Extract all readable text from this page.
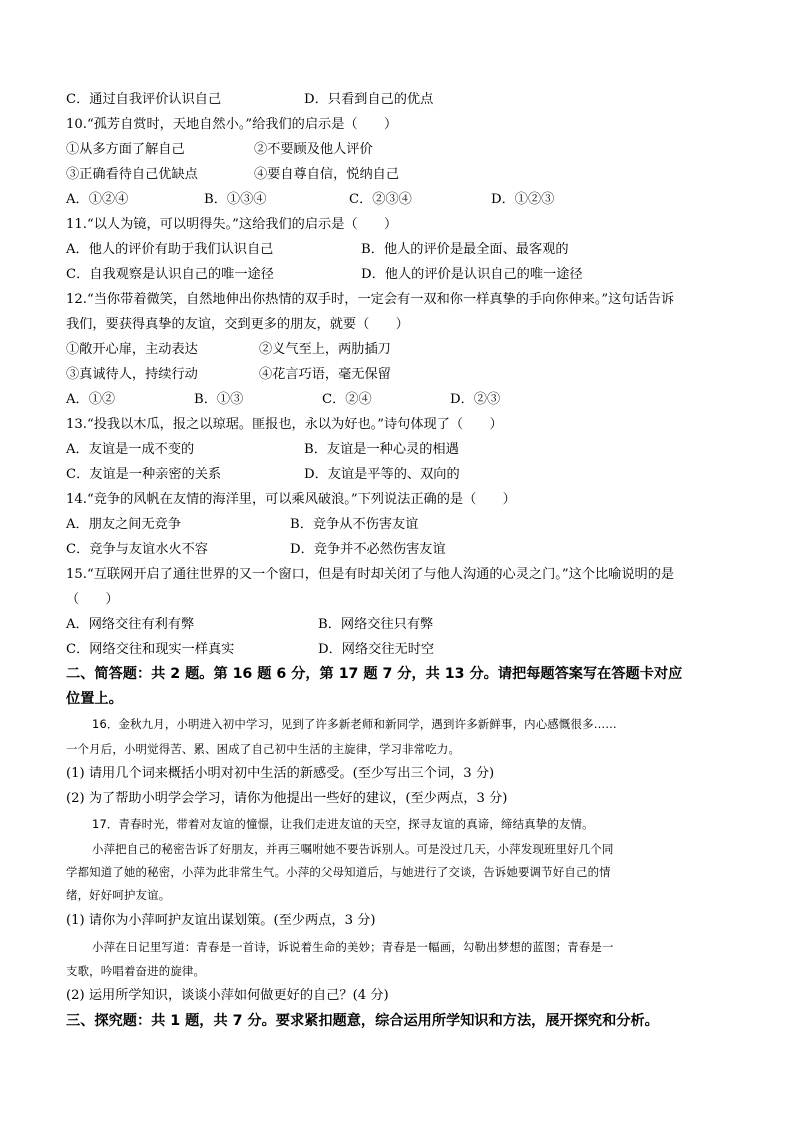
C．通过自我评价认识自己	D．只看到自己的优点
10.“孤芳自赏时，天地自然小。”给我们的启示是（　　）
①从多方面了解自己	②不要顾及他人评价
③正确看待自己优缺点	④要自尊自信，悦纳自己
A．①②④	B．①③④	C．②③④	D．①②③
11.“以人为镜，可以明得失。”这给我们的启示是（　　）
A．他人的评价有助于我们认识自己	B．他人的评价是最全面、最客观的
C．自我观察是认识自己的唯一途径	D．他人的评价是认识自己的唯一途径
12.“当你带着微笑，自然地伸出你热情的双手时，一定会有一双和你一样真挚的手向你伸来。”这句话告诉
我们，要获得真挚的友谊，交到更多的朋友，就要（　　）
①敞开心扉，主动表达	②义气至上，两肋插刀
③真诚待人，持续行动	④花言巧语，毫无保留
A．①②	B．①③	C．②④	D．②③
13.“投我以木瓜，报之以琼琚。匪报也，永以为好也。”诗句体现了（　　）
A．友谊是一成不变的	B．友谊是一种心灵的相遇
C．友谊是一种亲密的关系	D．友谊是平等的、双向的
14.“竞争的风帆在友情的海洋里，可以乘风破浪。”下列说法正确的是（　　）
A．朋友之间无竞争	B．竞争从不伤害友谊
C．竞争与友谊水火不容	D．竞争并不必然伤害友谊
15.“互联网开启了通往世界的又一个窗口，但是有时却关闭了与他人沟通的心灵之门。”这个比喻说明的是
（　　）
A．网络交往有利有弊	B．网络交往只有弊
C．网络交往和现实一样真实	D．网络交往无时空
二、简答题：共 2 题。第 16 题 6 分，第 17 题 7 分，共 13 分。请把每题答案写在答题卡对应
位置上。
16．金秋九月，小明进入初中学习，见到了许多新老师和新同学，遇到许多新鲜事，内心感慨很多……
一个月后，小明觉得苦、累、困成了自己初中生活的主旋律，学习非常吃力。
(1) 请用几个词来概括小明对初中生活的新感受。(至少写出三个词，3 分)
(2) 为了帮助小明学会学习，请你为他提出一些好的建议，(至少两点，3 分)
17．青春时光，带着对友谊的憧憬，让我们走进友谊的天空，探寻友谊的真谛，缔结真挚的友情。
小萍把自己的秘密告诉了好朋友，并再三嘱咐她不要告诉别人。可是没过几天，小萍发现班里好几个同
学都知道了她的秘密，小萍为此非常生气。小萍的父母知道后，与她进行了交谈，告诉她要调节好自己的情
绪，好好呵护友谊。
(1) 请你为小萍呵护友谊出谋划策。(至少两点，3 分)
小萍在日记里写道：青春是一首诗，诉说着生命的美妙；青春是一幅画，勾勒出梦想的蓝图；青春是一
支歌，吟唱着奋进的旋律。
(2) 运用所学知识，谈谈小萍如何做更好的自己？(4 分)
三、探究题：共 1 题，共 7 分。要求紧扣题意，综合运用所学知识和方法，展开探究和分析。
